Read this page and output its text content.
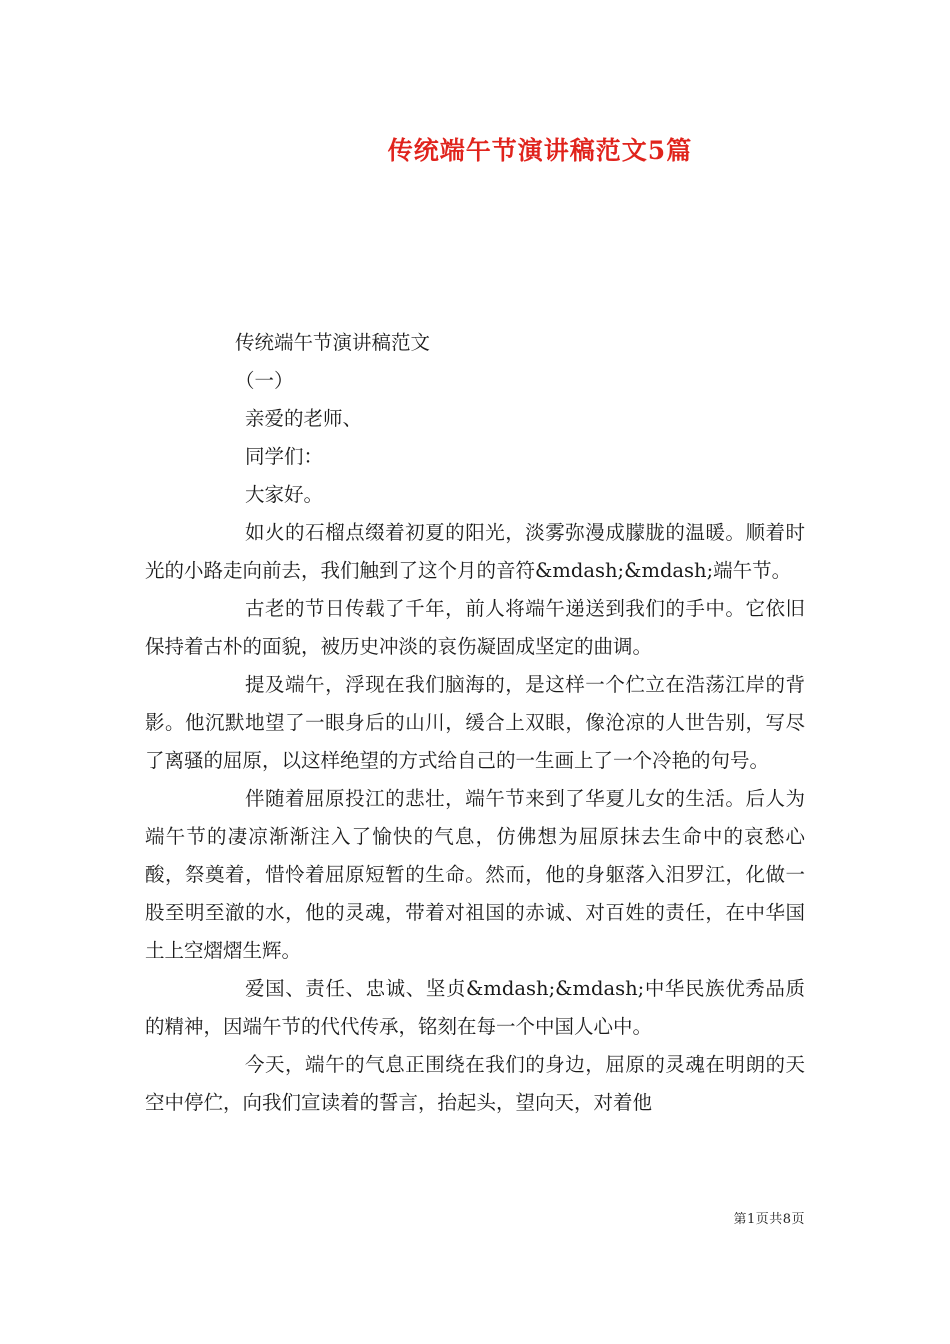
传统端午节演讲稿范文5篇

传统端午节演讲稿范文

（一）

亲爱的老师、

同学们：

大家好。

如火的石榴点缀着初夏的阳光，淡雾弥漫成朦胧的温暖。顺着时光的小路走向前去，我们触到了这个月的音符&mdash;&mdash;端午节。

古老的节日传载了千年，前人将端午递送到我们的手中。它依旧保持着古朴的面貌，被历史冲淡的哀伤凝固成坚定的曲调。

提及端午，浮现在我们脑海的，是这样一个伫立在浩荡江岸的背影。他沉默地望了一眼身后的山川，缓合上双眼，像沧凉的人世告别，写尽了离骚的屈原，以这样绝望的方式给自己的一生画上了一个冷艳的句号。

伴随着屈原投江的悲壮，端午节来到了华夏儿女的生活。后人为端午节的凄凉渐渐注入了愉快的气息，仿佛想为屈原抹去生命中的哀愁心酸，祭奠着，惜怜着屈原短暂的生命。然而，他的身躯落入汨罗江，化做一股至明至澈的水，他的灵魂，带着对祖国的赤诚、对百姓的责任，在中华国土上空熠熠生辉。

爱国、责任、忠诚、坚贞&mdash;&mdash;中华民族优秀品质的精神，因端午节的代代传承，铭刻在每一个中国人心中。

今天，端午的气息正围绕在我们的身边，屈原的灵魂在明朗的天空中停伫，向我们宣读着的誓言，抬起头，望向天，对着他

第1页共8页
